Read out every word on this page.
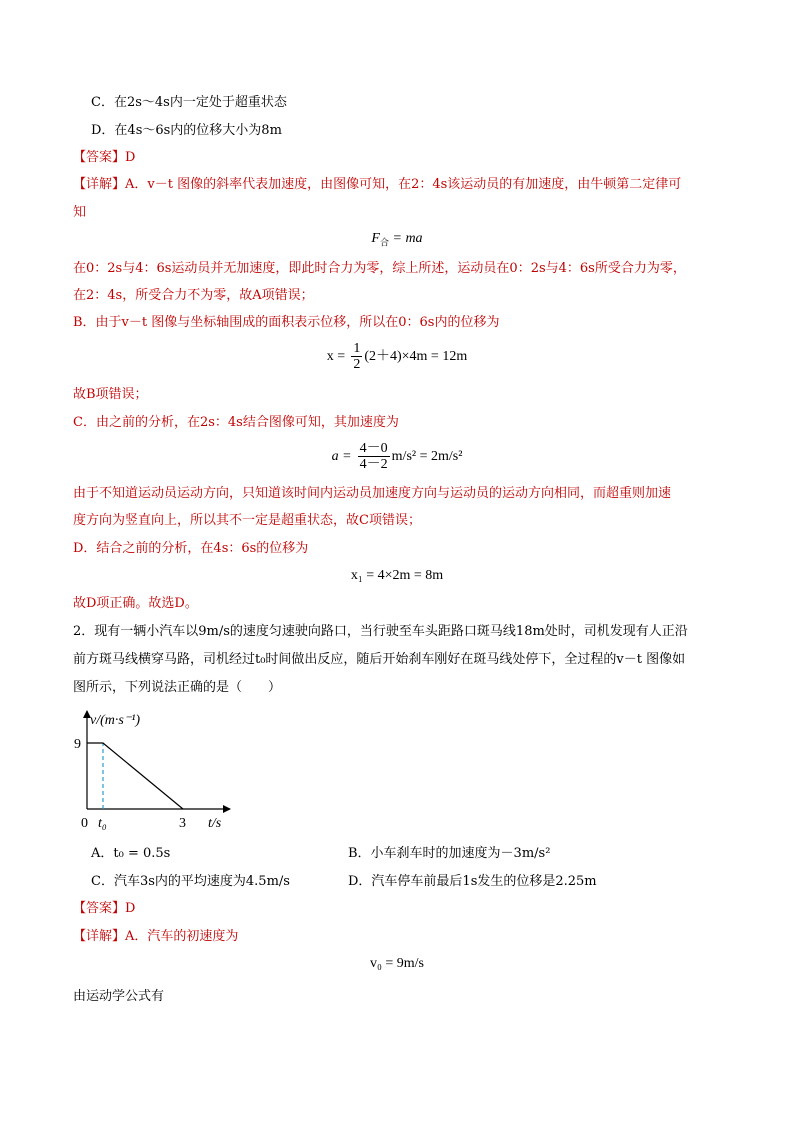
C．在2s～4s内一定处于超重状态
D．在4s～6s内的位移大小为8m
【答案】D
【详解】A．v－t 图像的斜率代表加速度，由图像可知，在2：4s该运动员的有加速度，由牛顿第二定律可
知
$F_合$ = ma
在0：2s与4：6s运动员并无加速度，即此时合力为零，综上所述，运动员在0：2s与4：6s所受合力为零，
在2：4s，所受合力不为零，故A项错误；
B．由于v－t 图像与坐标轴围成的面积表示位移，所以在0：6s内的位移为
$x = \frac{1}{2} (2+4)\times 4m = 12m$
故B项错误；
C．由之前的分析，在2s：4s结合图像可知，其加速度为
$a = \frac{4-0}{4-2} m/s^2 = 2m/s^2$
由于不知道运动员运动方向，只知道该时间内运动员加速度方向与运动员的运动方向相同，而超重则加速
度方向为竖直向上，所以其不一定是超重状态，故C项错误；
D．结合之前的分析，在4s：6s的位移为
x₁ = 4×2m = 8m
故D项正确。故选D。
2．现有一辆小汽车以9m/s的速度匀速驶向路口，当行驶至车头距路口斑马线18m处时，司机发现有人正沿
前方斑马线横穿马路，司机经过t₀时间做出反应，随后开始刹车刚好在斑马线处停下，全过程的v－t 图像如
图所示，下列说法正确的是（　　）
v/(m·s⁻¹)
t/s
9
0 t₀	3
A．t₀ = 0.5s	B．小车刹车时的加速度为－3m/s²
C．汽车3s内的平均速度为4.5m/s	D．汽车停车前最后1s发生的位移是2.25m
【答案】D
【详解】A．汽车的初速度为
v₀ = 9m/s
由运动学公式有
